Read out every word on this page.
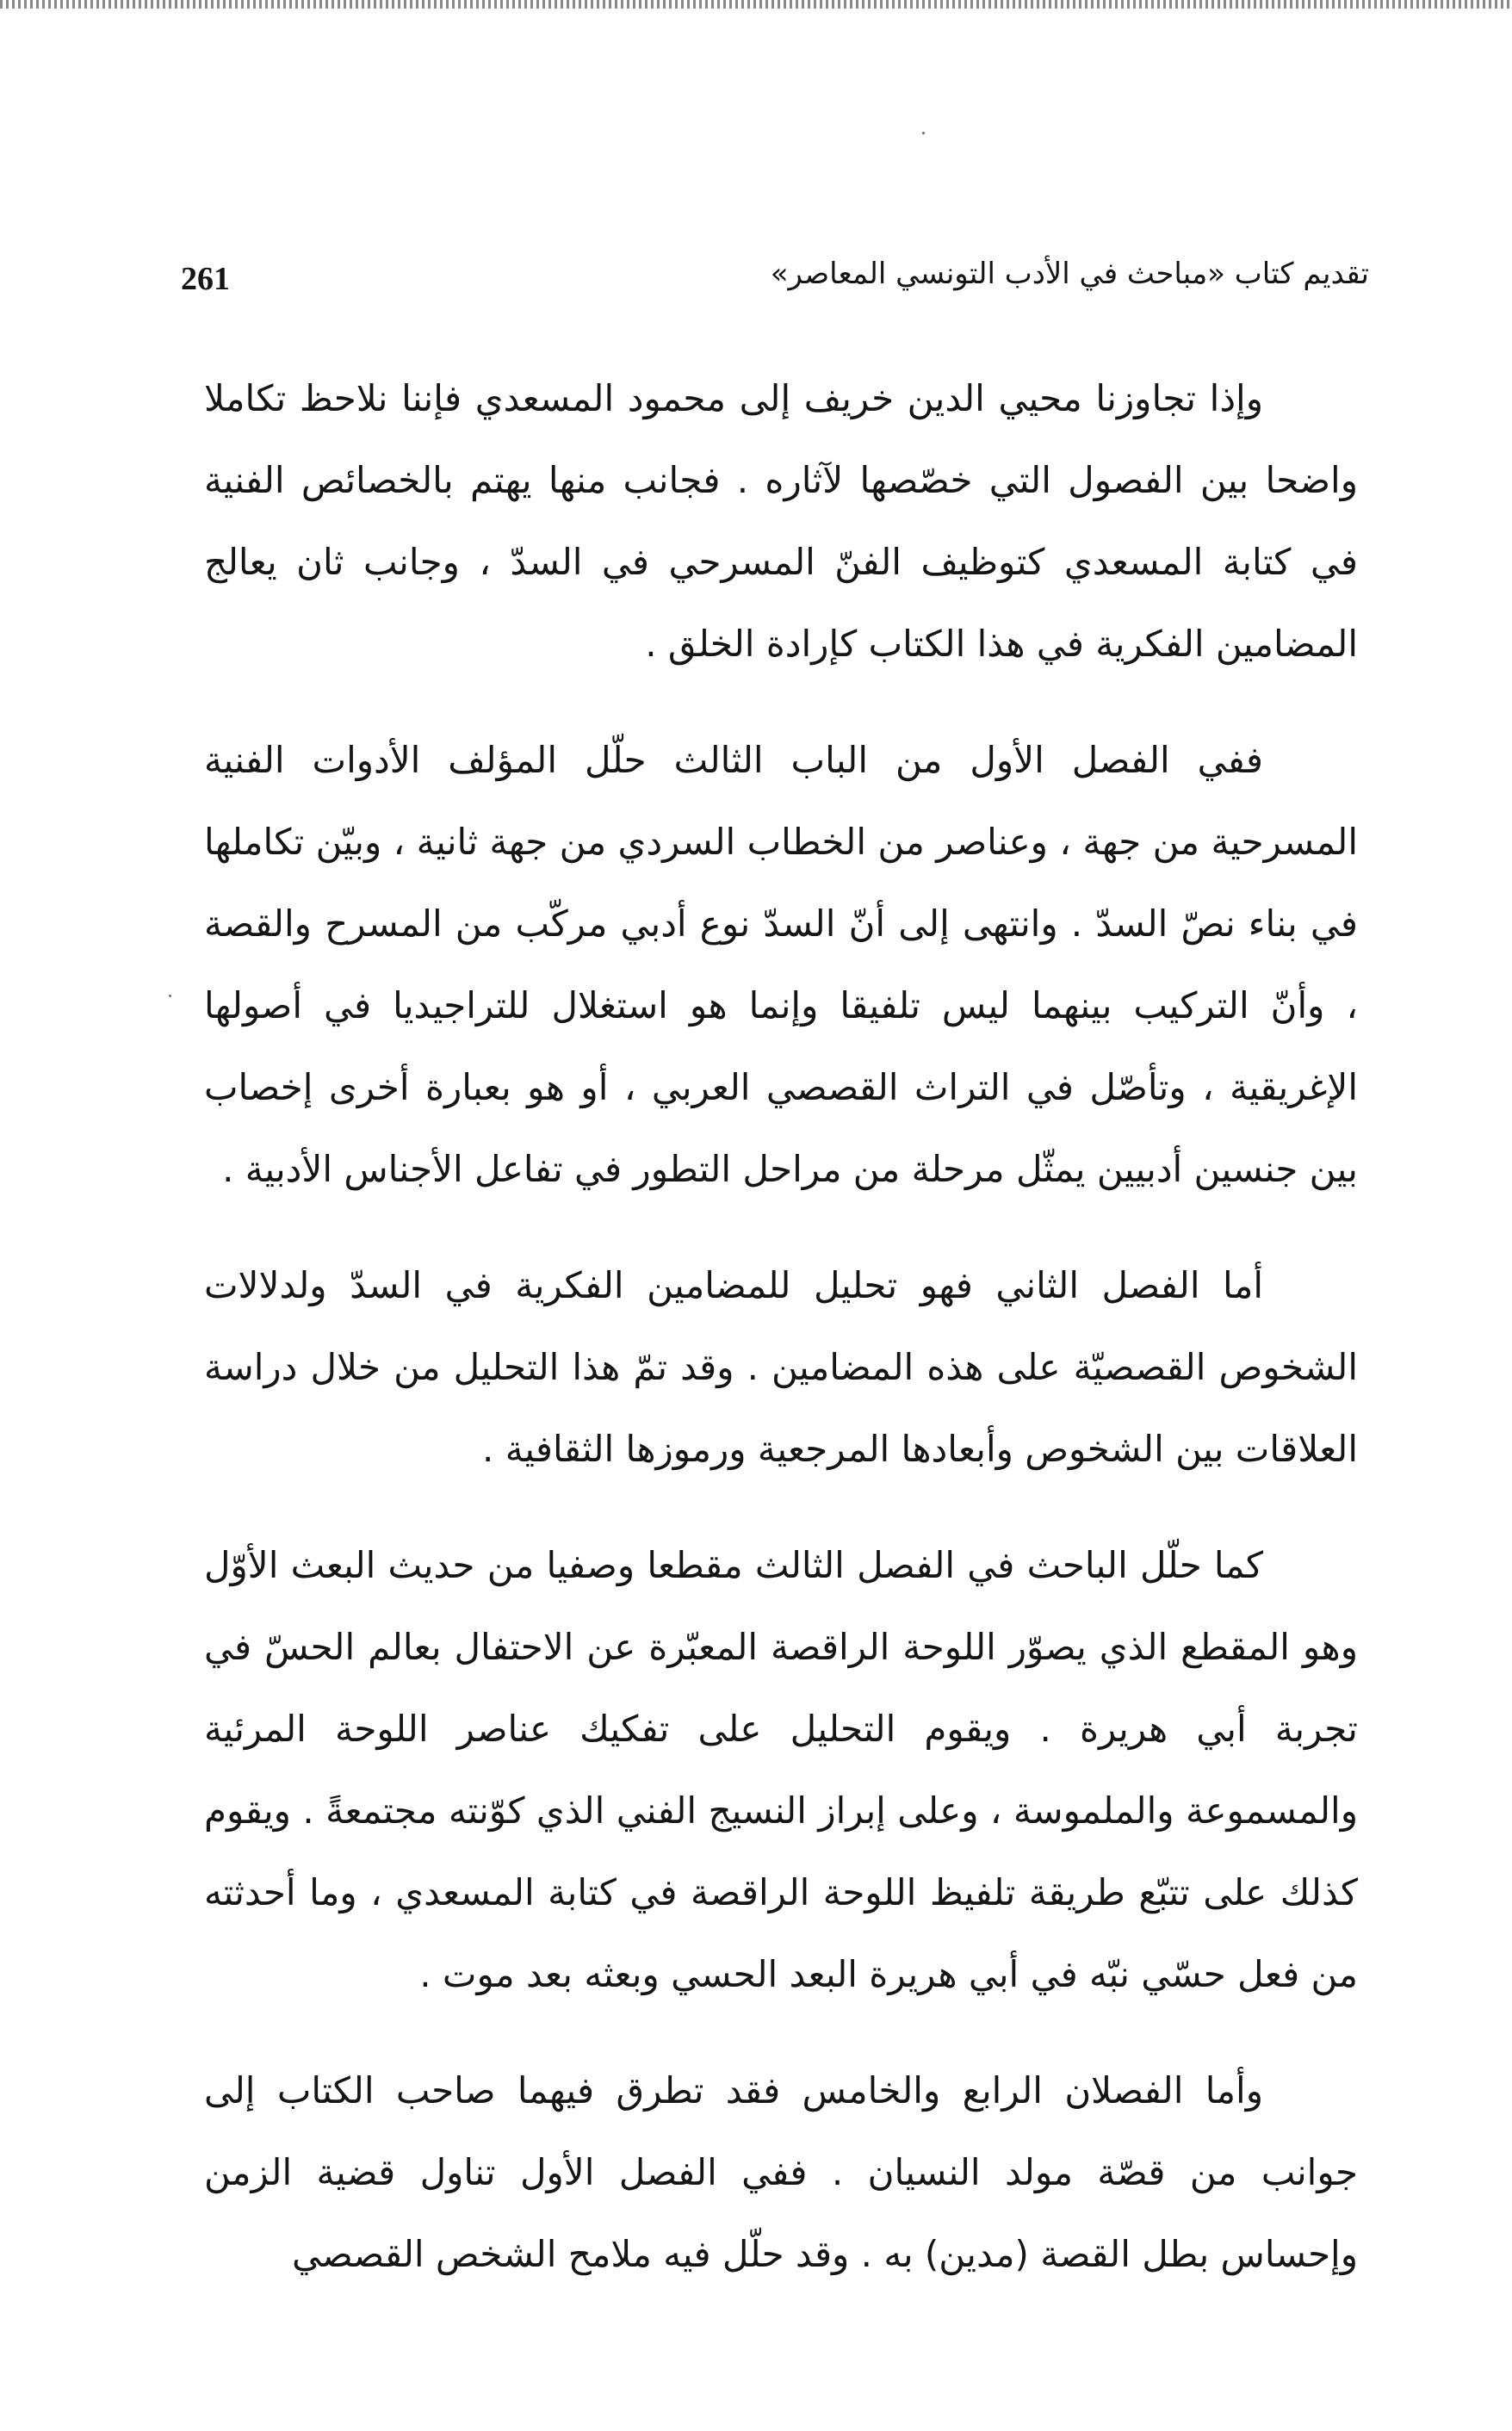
261	تقديم كتاب «مباحث في الأدب التونسي المعاصر»

وإذا تجاوزنا محيي الدين خريف إلى محمود المسعدي فإننا نلاحظ تكاملا واضحا بين الفصول التي خصّصها لآثاره . فجانب منها يهتم بالخصائص الفنية في كتابة المسعدي كتوظيف الفنّ المسرحي في السدّ ، وجانب ثان يعالج المضامين الفكرية في هذا الكتاب كإرادة الخلق .

ففي الفصل الأول من الباب الثالث حلّل المؤلف الأدوات الفنية المسرحية من جهة ، وعناصر من الخطاب السردي من جهة ثانية ، وبيّن تكاملها في بناء نصّ السدّ . وانتهى إلى أنّ السدّ نوع أدبي مركّب من المسرح والقصة ، وأنّ التركيب بينهما ليس تلفيقا وإنما هو استغلال للتراجيديا في أصولها الإغريقية ، وتأصّل في التراث القصصي العربي ، أو هو بعبارة أخرى إخصاب بين جنسين أدبيين يمثّل مرحلة من مراحل التطور في تفاعل الأجناس الأدبية .

أما الفصل الثاني فهو تحليل للمضامين الفكرية في السدّ ولدلالات الشخوص القصصيّة على هذه المضامين . وقد تمّ هذا التحليل من خلال دراسة العلاقات بين الشخوص وأبعادها المرجعية ورموزها الثقافية .

كما حلّل الباحث في الفصل الثالث مقطعا وصفيا من حديث البعث الأوّل وهو المقطع الذي يصوّر اللوحة الراقصة المعبّرة عن الاحتفال بعالم الحسّ في تجربة أبي هريرة . ويقوم التحليل على تفكيك عناصر اللوحة المرئية والمسموعة والملموسة ، وعلى إبراز النسيج الفني الذي كوّنته مجتمعةً . ويقوم كذلك على تتبّع طريقة تلفيظ اللوحة الراقصة في كتابة المسعدي ، وما أحدثته من فعل حسّي نبّه في أبي هريرة البعد الحسي وبعثه بعد موت .

وأما الفصلان الرابع والخامس فقد تطرق فيهما صاحب الكتاب إلى جوانب من قصّة مولد النسيان . ففي الفصل الأول تناول قضية الزمن وإحساس بطل القصة (مدين) به . وقد حلّل فيه ملامح الشخص القصصي
